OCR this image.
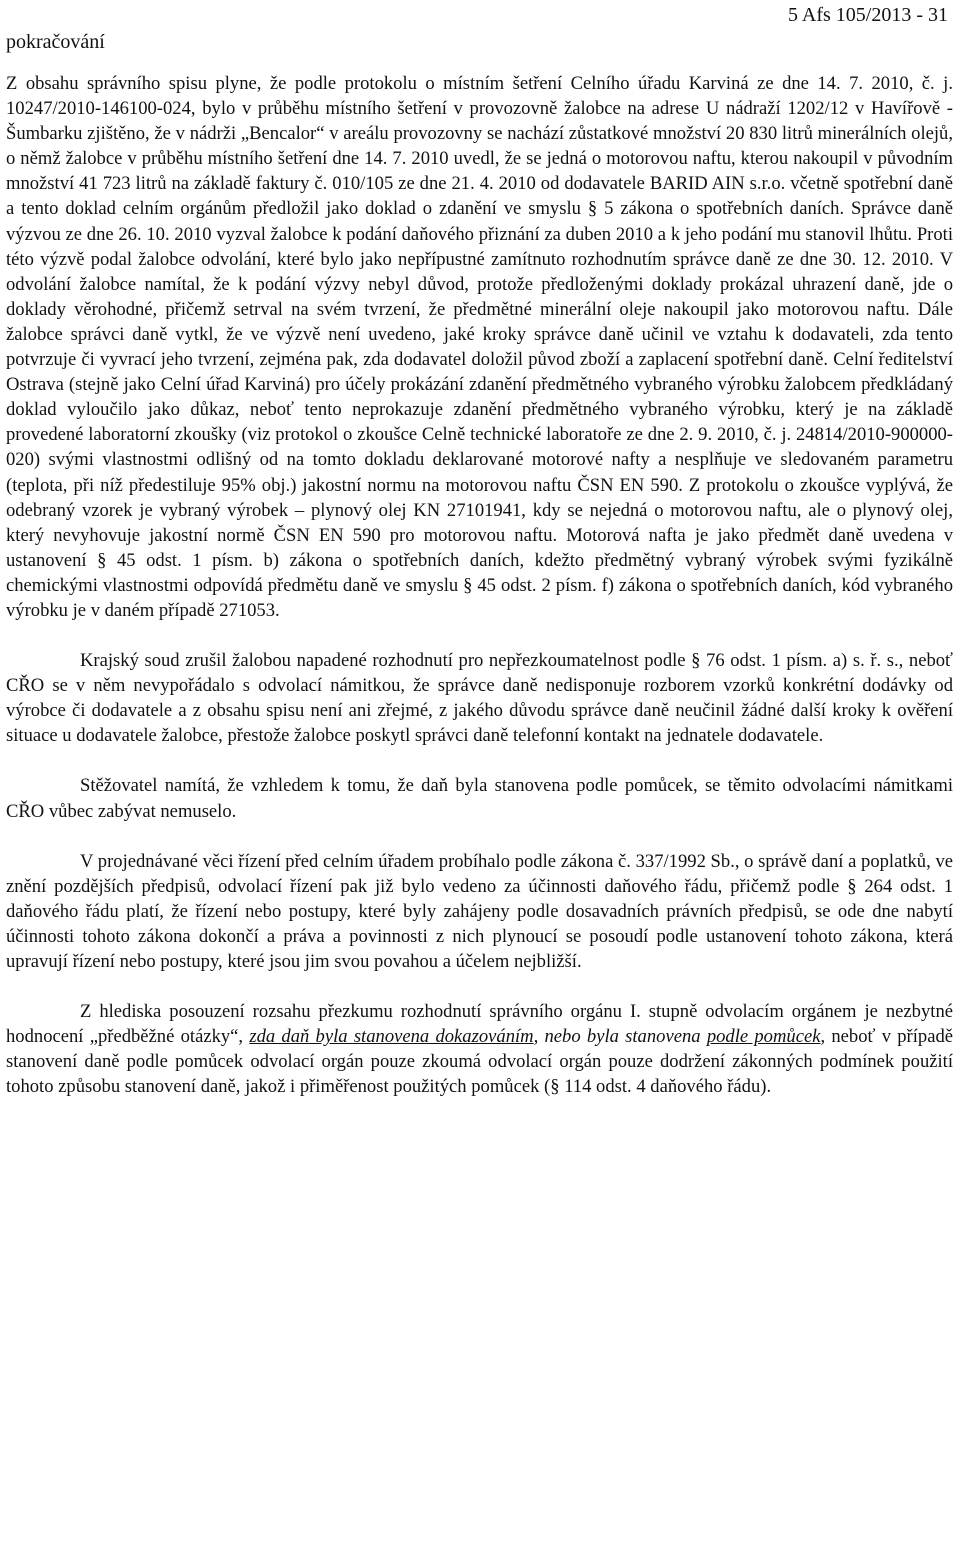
pokračování
5 Afs 105/2013 - 31

Z obsahu správního spisu plyne, že podle protokolu o místním šetření Celního úřadu Karviná ze dne 14. 7. 2010, č. j. 10247/2010-146100-024, bylo v průběhu místního šetření v provozovně žalobce na adrese U nádraží 1202/12 v Havířově - Šumbarku zjištěno, že v nádrži „Bencalor“ v areálu provozovny se nachází zůstatkové množství 20 830 litrů minerálních olejů, o němž žalobce v průběhu místního šetření dne 14. 7. 2010 uvedl, že se jedná o motorovou naftu, kterou nakoupil v původním množství 41 723 litrů na základě faktury č. 010/105 ze dne 21. 4. 2010 od dodavatele BARID AIN s.r.o. včetně spotřební daně a tento doklad celním orgánům předložil jako doklad o zdanění ve smyslu § 5 zákona o spotřebních daních. Správce daně výzvou ze dne 26. 10. 2010 vyzval žalobce k podání daňového přiznání za duben 2010 a k jeho podání mu stanovil lhůtu. Proti této výzvě podal žalobce odvolání, které bylo jako nepřípustné zamítnuto rozhodnutím správce daně ze dne 30. 12. 2010. V odvolání žalobce namítal, že k podání výzvy nebyl důvod, protože předloženými doklady prokázal uhrazení daně, jde o doklady věrohodné, přičemž setrval na svém tvrzení, že předmětné minerální oleje nakoupil jako motorovou naftu. Dále žalobce správci daně vytkl, že ve výzvě není uvedeno, jaké kroky správce daně učinil ve vztahu k dodavateli, zda tento potvrzuje či vyvrací jeho tvrzení, zejména pak, zda dodavatel doložil původ zboží a zaplacení spotřební daně. Celní ředitelství Ostrava (stejně jako Celní úřad Karviná) pro účely prokázání zdanění předmětného vybraného výrobku žalobcem předkládaný doklad vyloučilo jako důkaz, neboť tento neprokazuje zdanění předmětného vybraného výrobku, který je na základě provedené laboratorní zkoušky (viz protokol o zkoušce Celně technické laboratoře ze dne 2. 9. 2010, č. j. 24814/2010-900000-020) svými vlastnostmi odlišný od na tomto dokladu deklarované motorové nafty a nesplňuje ve sledovaném parametru (teplota, při níž předestiluje 95% obj.) jakostní normu na motorovou naftu ČSN EN 590. Z protokolu o zkoušce vyplývá, že odebraný vzorek je vybraný výrobek – plynový olej KN 27101941, kdy se nejedná o motorovou naftu, ale o plynový olej, který nevyhovuje jakostní normě ČSN EN 590 pro motorovou naftu. Motorová nafta je jako předmět daně uvedena v ustanovení § 45 odst. 1 písm. b) zákona o spotřebních daních, kdežto předmětný vybraný výrobek svými fyzikálně chemickými vlastnostmi odpovídá předmětu daně ve smyslu § 45 odst. 2 písm. f) zákona o spotřebních daních, kód vybraného výrobku je v daném případě 271053.

Krajský soud zrušil žalobou napadené rozhodnutí pro nepřezkoumatelnost podle § 76 odst. 1 písm. a) s. ř. s., neboť CŘO se v něm nevypořádalo s odvolací námitkou, že správce daně nedisponuje rozborem vzorků konkrétní dodávky od výrobce či dodavatele a z obsahu spisu není ani zřejmé, z jakého důvodu správce daně neučinil žádné další kroky k ověření situace u dodavatele žalobce, přestože žalobce poskytl správci daně telefonní kontakt na jednatele dodavatele.

Stěžovatel namítá, že vzhledem k tomu, že daň byla stanovena podle pomůcek, se těmito odvolacími námitkami CŘO vůbec zabývat nemuselo.

V projednávané věci řízení před celním úřadem probíhalo podle zákona č. 337/1992 Sb., o správě daní a poplatků, ve znění pozdějších předpisů, odvolací řízení pak již bylo vedeno za účinnosti daňového řádu, přičemž podle § 264 odst. 1 daňového řádu platí, že řízení nebo postupy, které byly zahájeny podle dosavadních právních předpisů, se ode dne nabytí účinnosti tohoto zákona dokončí a práva a povinnosti z nich plynoucí se posoudí podle ustanovení tohoto zákona, která upravují řízení nebo postupy, které jsou jim svou povahou a účelem nejbližší.

Z hlediska posouzení rozsahu přezkumu rozhodnutí správního orgánu I. stupně odvolacím orgánem je nezbytné hodnocení „předběžné otázky“, zda daň byla stanovena dokazováním, nebo byla stanovena podle pomůcek, neboť v případě stanovení daně podle pomůcek odvolací orgán pouze zkoumá odvolací orgán pouze dodržení zákonných podmínek použití tohoto způsobu stanovení daně, jakož i přiměřenost použitých pomůcek (§ 114 odst. 4 daňového řádu).
